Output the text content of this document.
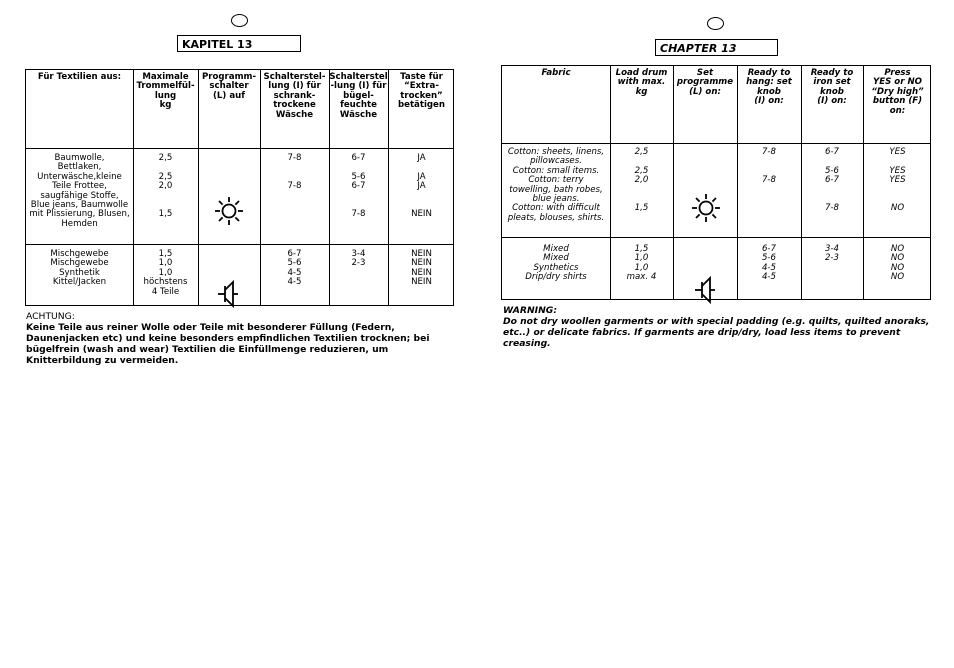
KAPITEL 13
Für Textilien aus:	Maximale
Trommelfül-
lung
kg
Programm-
schalter
(L) auf
Schalterstel-
lung (I) für
schrank-
trockene
Wäsche
Schalterstel
-lung (I) für
bügel-
feuchte
Wäsche
Taste für
“Extra-
trocken”
betätigen
Baumwolle,
Bettlaken,
Unterwäsche,kleine
Teile Frottee,
saugfähige Stoffe,
Blue jeans, Baumwolle
mit Plissierung, Blusen,
Hemden
2,5

2,5
2,0

1,5

7-8

7-8
6-7

5-6
6-7

7-8
JA

JA
JA

NEIN
Mischgewebe
Mischgewebe
Synthetik
Kittel/Jacken
1,5
1,0
1,0
höchstens
4 Teile

6-7
5-6
4-5
4-5
3-4
2-3
NEIN
NEIN
NEIN
NEIN
ACHTUNG:
Keine Teile aus reiner Wolle oder Teile mit besonderer Füllung (Federn, Daunenjacken etc) und keine besonders empfindlichen Textilien trocknen; bei bügelfrein (wash and wear) Textilien die Einfüllmenge reduzieren, um Knitterbildung zu vermeiden.
CHAPTER 13
Fabric	Load drum
with max.
kg
Set
programme
(L) on:
Ready to
hang: set
knob
(I) on:
Ready to
iron set
knob
(I) on:
Press
YES or NO
“Dry high”
button (F)
on:
Cotton: sheets, linens,
pillowcases.
Cotton: small items.
Cotton: terry
towelling, bath robes,
blue jeans.
Cotton: with difficult
pleats, blouses, shirts.
2,5

2,5
2,0

1,5

7-8

7-8
6-7

5-6
6-7

7-8
YES

YES
YES

NO
Mixed
Mixed
Synthetics
Drip/dry shirts
1,5
1,0
1,0
max. 4

6-7
5-6
4-5
4-5
3-4
2-3
NO
NO
NO
NO
WARNING:
Do not dry woollen garments or with special padding (e.g. quilts, quilted anoraks, etc..) or delicate fabrics. If garments are drip/dry, load less items to prevent creasing.
